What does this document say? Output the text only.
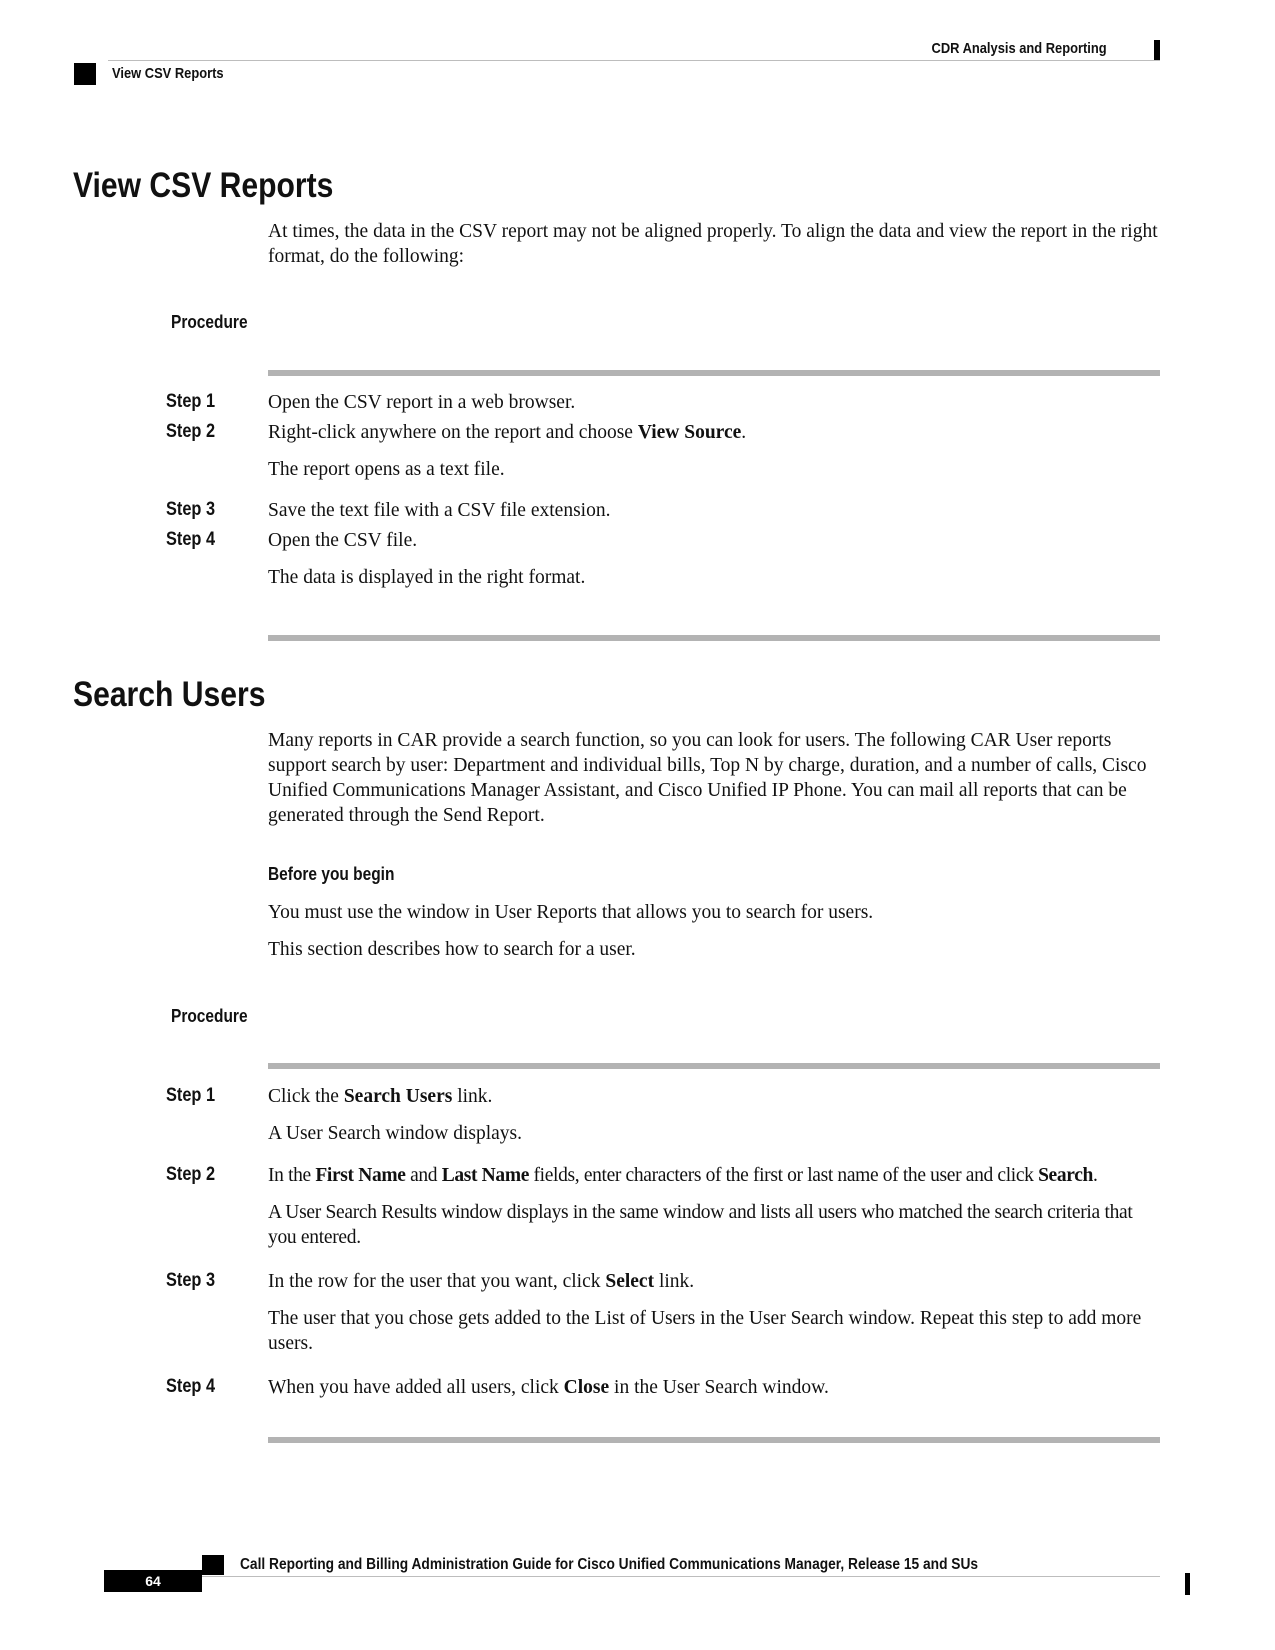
CDR Analysis and Reporting
View CSV Reports
View CSV Reports
At times, the data in the CSV report may not be aligned properly. To align the data and view the report in the right format, do the following:
Procedure
Step 1	Open the CSV report in a web browser.
Step 2	Right-click anywhere on the report and choose View Source.
The report opens as a text file.
Step 3	Save the text file with a CSV file extension.
Step 4	Open the CSV file.
The data is displayed in the right format.
Search Users
Many reports in CAR provide a search function, so you can look for users. The following CAR User reports support search by user: Department and individual bills, Top N by charge, duration, and a number of calls, Cisco Unified Communications Manager Assistant, and Cisco Unified IP Phone. You can mail all reports that can be generated through the Send Report.
Before you begin
You must use the window in User Reports that allows you to search for users.
This section describes how to search for a user.
Procedure
Step 1	Click the Search Users link.
A User Search window displays.
Step 2	In the First Name and Last Name fields, enter characters of the first or last name of the user and click Search.
A User Search Results window displays in the same window and lists all users who matched the search criteria that you entered.
Step 3	In the row for the user that you want, click Select link.
The user that you chose gets added to the List of Users in the User Search window. Repeat this step to add more users.
Step 4	When you have added all users, click Close in the User Search window.
Call Reporting and Billing Administration Guide for Cisco Unified Communications Manager, Release 15 and SUs
64
